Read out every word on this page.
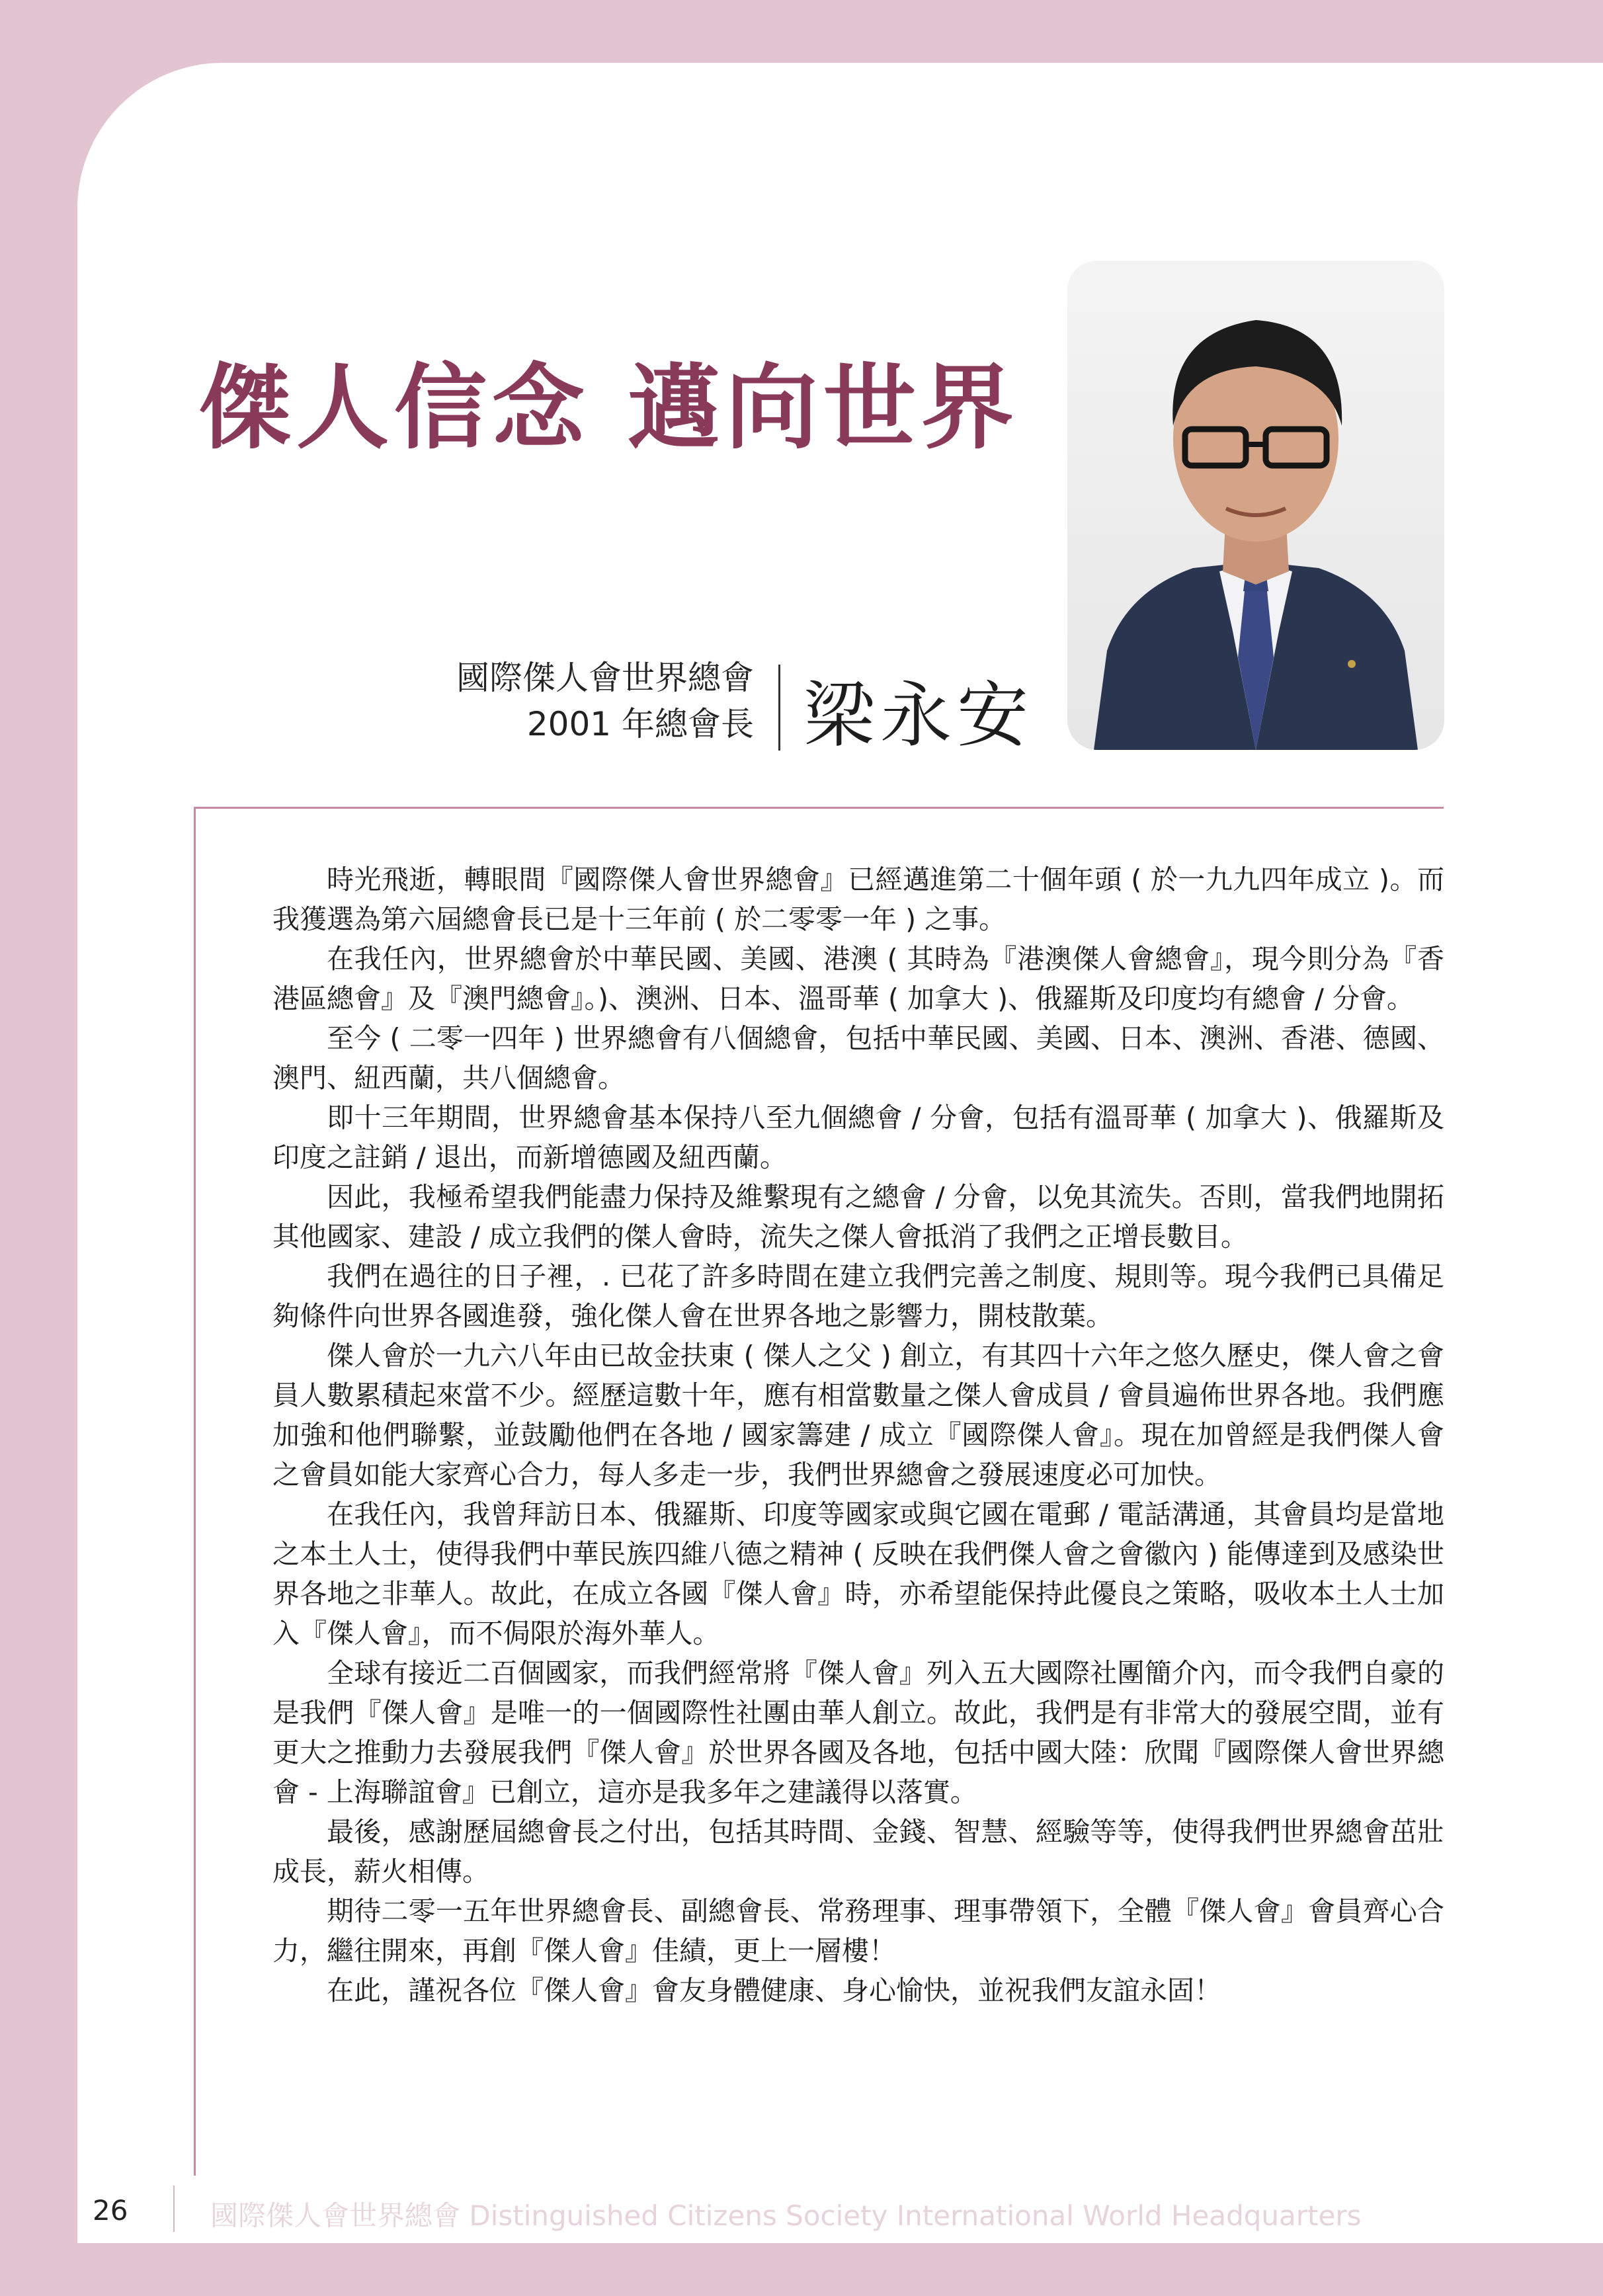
傑人信念 邁向世界
國際傑人會世界總會
2001 年總會長 梁永安

時光飛逝，轉眼間『國際傑人會世界總會』已經邁進第二十個年頭 ( 於一九九四年成立 )。而我獲選為第六屆總會長已是十三年前 ( 於二零零一年 ) 之事。

在我任內，世界總會於中華民國、美國、港澳 ( 其時為『港澳傑人會總會』，現今則分為『香港區總會』及『澳門總會』。)、澳洲、日本、溫哥華 ( 加拿大 )、俄羅斯及印度均有總會 / 分會。

至今 ( 二零一四年 ) 世界總會有八個總會，包括中華民國、美國、日本、澳洲、香港、德國、澳門、紐西蘭，共八個總會。

即十三年期間，世界總會基本保持八至九個總會 / 分會，包括有溫哥華 ( 加拿大 )、俄羅斯及印度之註銷 / 退出，而新增德國及紐西蘭。

因此，我極希望我們能盡力保持及維繫現有之總會 / 分會，以免其流失。否則，當我們地開拓其他國家、建設 / 成立我們的傑人會時，流失之傑人會抵消了我們之正增長數目。

我們在過往的日子裡，. 已花了許多時間在建立我們完善之制度、規則等。現今我們已具備足夠條件向世界各國進發，強化傑人會在世界各地之影響力，開枝散葉。

傑人會於一九六八年由已故金扶東 ( 傑人之父 ) 創立，有其四十六年之悠久歷史，傑人會之會員人數累積起來當不少。經歷這數十年，應有相當數量之傑人會成員 / 會員遍佈世界各地。我們應加強和他們聯繫，並鼓勵他們在各地 / 國家籌建 / 成立『國際傑人會』。現在加曾經是我們傑人會之會員如能大家齊心合力，每人多走一步，我們世界總會之發展速度必可加快。

在我任內，我曾拜訪日本、俄羅斯、印度等國家或與它國在電郵 / 電話溝通，其會員均是當地之本土人士，使得我們中華民族四維八德之精神 ( 反映在我們傑人會之會徽內 ) 能傳達到及感染世界各地之非華人。故此，在成立各國『傑人會』時，亦希望能保持此優良之策略，吸收本土人士加入『傑人會』，而不侷限於海外華人。

全球有接近二百個國家，而我們經常將『傑人會』列入五大國際社團簡介內，而令我們自豪的是我們『傑人會』是唯一的一個國際性社團由華人創立。故此，我們是有非常大的發展空間，並有更大之推動力去發展我們『傑人會』於世界各國及各地，包括中國大陸：欣聞『國際傑人會世界總會 - 上海聯誼會』已創立，這亦是我多年之建議得以落實。

最後，感謝歷屆總會長之付出，包括其時間、金錢、智慧、經驗等等，使得我們世界總會茁壯成長，薪火相傳。

期待二零一五年世界總會長、副總會長、常務理事、理事帶領下，全體『傑人會』會員齊心合力，繼往開來，再創『傑人會』佳績，更上一層樓！

在此，謹祝各位『傑人會』會友身體健康、身心愉快，並祝我們友誼永固！

26	國際傑人會世界總會 Distinguished Citizens Society International World Headquarters
